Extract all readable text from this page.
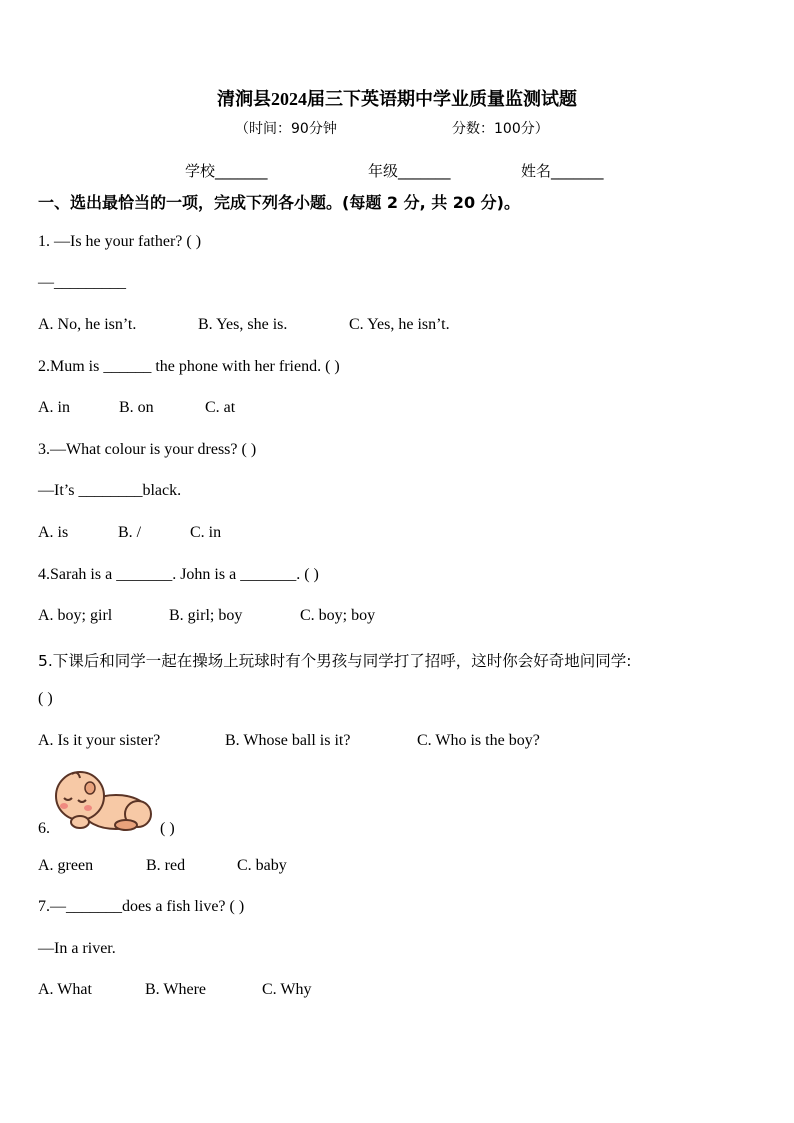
清涧县2024届三下英语期中学业质量监测试题
（时间：90分钟	分数：100分）
学校_______	年级_______	姓名_______
一、选出最恰当的一项，完成下列各小题。(每题 2 分, 共 20 分)。
1. —Is he your father? ( )
—_________
A. No, he isn’t.	B. Yes, she is.	C. Yes, he isn’t.
2.Mum is ______ the phone with her friend. ( )
A. in	B. on	C. at
3.—What colour is your dress? ( )
—It’s ________black.
A. is	B. /	C. in
4.Sarah is a _______. John is a _______. ( )
A. boy; girl	B. girl; boy	C. boy; boy
5.下课后和同学一起在操场上玩球时有个男孩与同学打了招呼，这时你会好奇地问同学:
( )
A. Is it your sister?	B. Whose ball is it?	C. Who is the boy?
6.	( )
A. green	B. red	C. baby
7.—_______does a fish live? ( )
—In a river.
A. What	B. Where	C. Why
